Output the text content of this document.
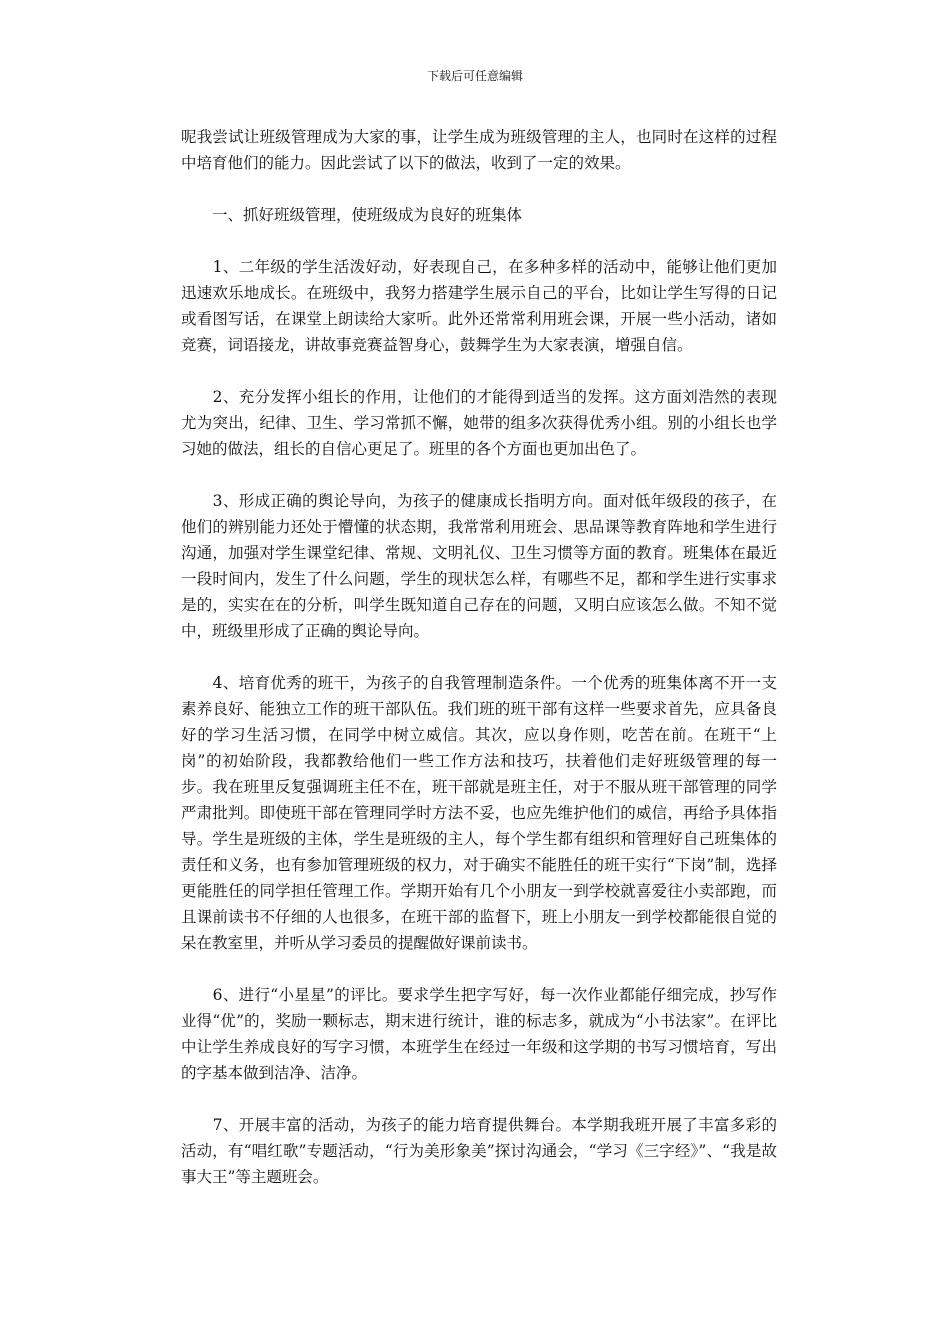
下载后可任意编辑

呢我尝试让班级管理成为大家的事，让学生成为班级管理的主人，也同时在这样的过程中培育他们的能力。因此尝试了以下的做法，收到了一定的效果。

　　一、抓好班级管理，使班级成为良好的班集体

　　1、二年级的学生活泼好动，好表现自己，在多种多样的活动中，能够让他们更加迅速欢乐地成长。在班级中，我努力搭建学生展示自己的平台，比如让学生写得的日记或看图写话，在课堂上朗读给大家听。此外还常常利用班会课，开展一些小活动，诸如竞赛，词语接龙，讲故事竞赛益智身心，鼓舞学生为大家表演，增强自信。

　　2、充分发挥小组长的作用，让他们的才能得到适当的发挥。这方面刘浩然的表现尤为突出，纪律、卫生、学习常抓不懈，她带的组多次获得优秀小组。别的小组长也学习她的做法，组长的自信心更足了。班里的各个方面也更加出色了。

　　3、形成正确的舆论导向，为孩子的健康成长指明方向。面对低年级段的孩子，在他们的辨别能力还处于懵懂的状态期，我常常利用班会、思品课等教育阵地和学生进行沟通，加强对学生课堂纪律、常规、文明礼仪、卫生习惯等方面的教育。班集体在最近一段时间内，发生了什么问题，学生的现状怎么样，有哪些不足，都和学生进行实事求是的，实实在在的分析，叫学生既知道自己存在的问题，又明白应该怎么做。不知不觉中，班级里形成了正确的舆论导向。

　　4、培育优秀的班干，为孩子的自我管理制造条件。一个优秀的班集体离不开一支素养良好、能独立工作的班干部队伍。我们班的班干部有这样一些要求首先，应具备良好的学习生活习惯，在同学中树立威信。其次，应以身作则，吃苦在前。在班干“上岗”的初始阶段，我都教给他们一些工作方法和技巧，扶着他们走好班级管理的每一步。我在班里反复强调班主任不在，班干部就是班主任，对于不服从班干部管理的同学严肃批判。即使班干部在管理同学时方法不妥，也应先维护他们的威信，再给予具体指导。学生是班级的主体，学生是班级的主人，每个学生都有组织和管理好自己班集体的责任和义务，也有参加管理班级的权力，对于确实不能胜任的班干实行“下岗”制，选择更能胜任的同学担任管理工作。学期开始有几个小朋友一到学校就喜爱往小卖部跑，而且课前读书不仔细的人也很多，在班干部的监督下，班上小朋友一到学校都能很自觉的呆在教室里，并听从学习委员的提醒做好课前读书。

　　6、进行“小星星”的评比。要求学生把字写好，每一次作业都能仔细完成，抄写作业得“优”的，奖励一颗标志，期末进行统计，谁的标志多，就成为“小书法家”。在评比中让学生养成良好的写字习惯，本班学生在经过一年级和这学期的书写习惯培育，写出的字基本做到洁净、洁净。

　　7、开展丰富的活动，为孩子的能力培育提供舞台。本学期我班开展了丰富多彩的活动，有“唱红歌”专题活动，“行为美形象美”探讨沟通会，“学习《三字经》”、“我是故事大王”等主题班会。
